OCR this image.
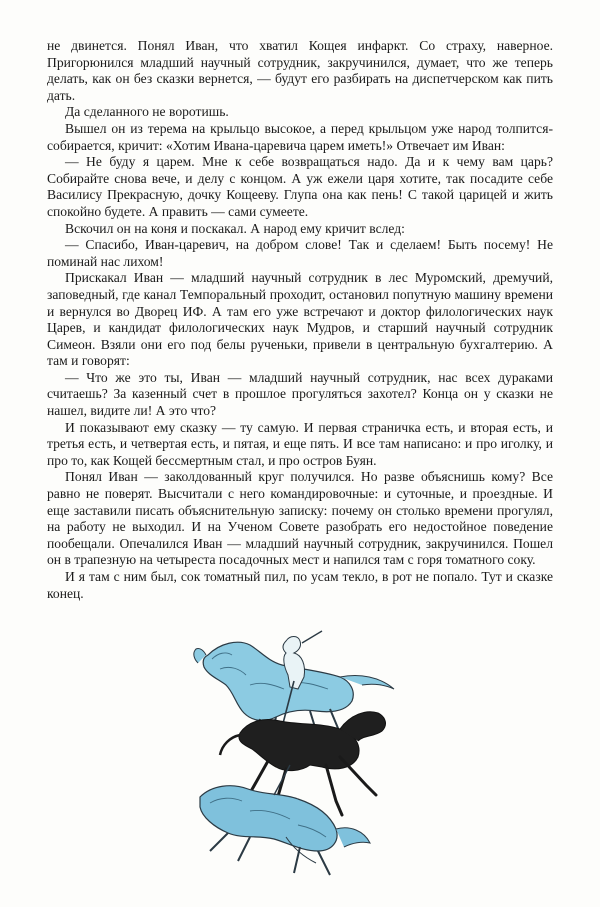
не двинется. Понял Иван, что хватил Кощея инфаркт. Со страху, наверное. Пригорюнился младший научный сотрудник, закручинился, думает, что же теперь делать, как он без сказки вернется, — будут его разбирать на диспетчерском как пить дать.

Да сделанного не воротишь.

Вышел он из терема на крыльцо высокое, а перед крыльцом уже народ толпится-собирается, кричит: «Хотим Ивана-царевича царем иметь!» Отвечает им Иван:

— Не буду я царем. Мне к себе возвращаться надо. Да и к чему вам царь? Собирайте снова вече, и делу с концом. А уж ежели царя хотите, так посадите себе Василису Прекрасную, дочку Кощееву. Глупа она как пень! С такой царицей и жить спокойно будете. А править — сами сумеете.

Вскочил он на коня и поскакал. А народ ему кричит вслед:

— Спасибо, Иван-царевич, на добром слове! Так и сделаем! Быть посему! Не поминай нас лихом!

Прискакал Иван — младший научный сотрудник в лес Муромский, дремучий, заповедный, где канал Темпоральный проходит, остановил попутную машину времени и вернулся во Дворец ИФ. А там его уже встречают и доктор филологических наук Царев, и кандидат филологических наук Мудров, и старший научный сотрудник Симеон. Взяли они его под белы рученьки, привели в центральную бухгалтерию. А там и говорят:

— Что же это ты, Иван — младший научный сотрудник, нас всех дураками считаешь? За казенный счет в прошлое прогуляться захотел? Конца он у сказки не нашел, видите ли! А это что?

И показывают ему сказку — ту самую. И первая страничка есть, и вторая есть, и третья есть, и четвертая есть, и пятая, и еще пять. И все там написано: и про иголку, и про то, как Кощей бессмертным стал, и про остров Буян.

Понял Иван — заколдованный круг получился. Но разве объяснишь кому? Все равно не поверят. Высчитали с него командировочные: и суточные, и проездные. И еще заставили писать объяснительную записку: почему он столько времени прогулял, на работу не выходил. И на Ученом Совете разобрать его недостойное поведение пообещали. Опечалился Иван — младший научный сотрудник, закручинился. Пошел он в трапезную на четыреста посадочных мест и напился там с горя томатного соку.

И я там с ним был, сок томатный пил, по усам текло, в рот не попало. Тут и сказке конец.
